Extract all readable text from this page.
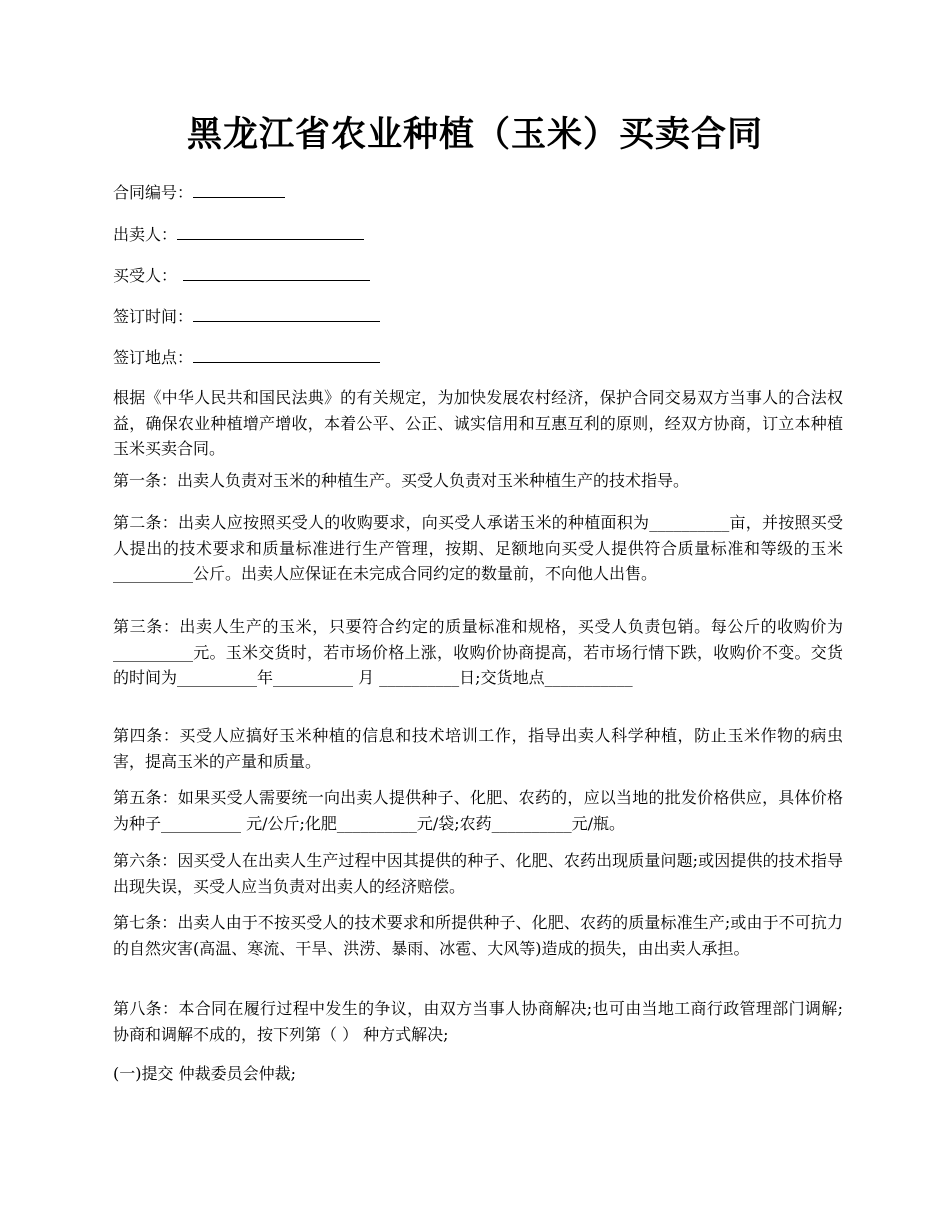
黑龙江省农业种植（玉米）买卖合同

合同编号：

出卖人：

买受人：

签订时间：

签订地点：

根据《中华人民共和国民法典》的有关规定，为加快发展农村经济，保护合同交易双方当事人的合法权益，确保农业种植增产增收，本着公平、公正、诚实信用和互惠互利的原则，经双方协商，订立本种植玉米买卖合同。

第一条：出卖人负责对玉米的种植生产。买受人负责对玉米种植生产的技术指导。

第二条：出卖人应按照买受人的收购要求，向买受人承诺玉米的种植面积为__________亩，并按照买受人提出的技术要求和质量标准进行生产管理，按期、足额地向买受人提供符合质量标准和等级的玉米__________公斤。出卖人应保证在未完成合同约定的数量前，不向他人出售。

第三条：出卖人生产的玉米，只要符合约定的质量标准和规格，买受人负责包销。每公斤的收购价为__________元。玉米交货时，若市场价格上涨，收购价协商提高，若市场行情下跌，收购价不变。交货的时间为__________年__________ 月 __________日;交货地点___________

第四条：买受人应搞好玉米种植的信息和技术培训工作，指导出卖人科学种植，防止玉米作物的病虫害，提高玉米的产量和质量。

第五条：如果买受人需要统一向出卖人提供种子、化肥、农药的，应以当地的批发价格供应，具体价格为种子__________ 元/公斤;化肥__________元/袋;农药__________元/瓶。

第六条：因买受人在出卖人生产过程中因其提供的种子、化肥、农药出现质量问题;或因提供的技术指导出现失误，买受人应当负责对出卖人的经济赔偿。

第七条：出卖人由于不按买受人的技术要求和所提供种子、化肥、农药的质量标准生产;或由于不可抗力的自然灾害(高温、寒流、干旱、洪涝、暴雨、冰雹、大风等)造成的损失，由出卖人承担。

第八条：本合同在履行过程中发生的争议，由双方当事人协商解决;也可由当地工商行政管理部门调解;协商和调解不成的，按下列第（ ） 种方式解决;

(一)提交 仲裁委员会仲裁;
